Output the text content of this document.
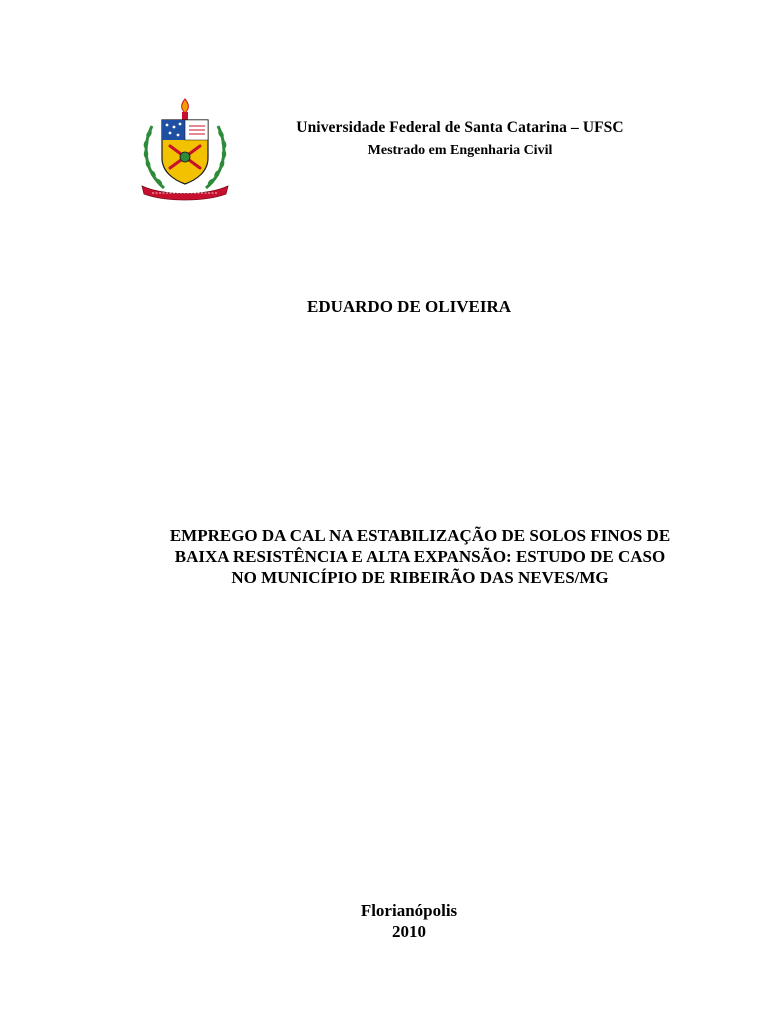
Universidade Federal de Santa Catarina – UFSC
Mestrado em Engenharia Civil
EDUARDO DE OLIVEIRA
EMPREGO DA CAL NA ESTABILIZAÇÃO DE SOLOS FINOS DE
BAIXA RESISTÊNCIA E ALTA EXPANSÃO: ESTUDO DE CASO
NO MUNICÍPIO DE RIBEIRÃO DAS NEVES/MG
Florianópolis
2010
